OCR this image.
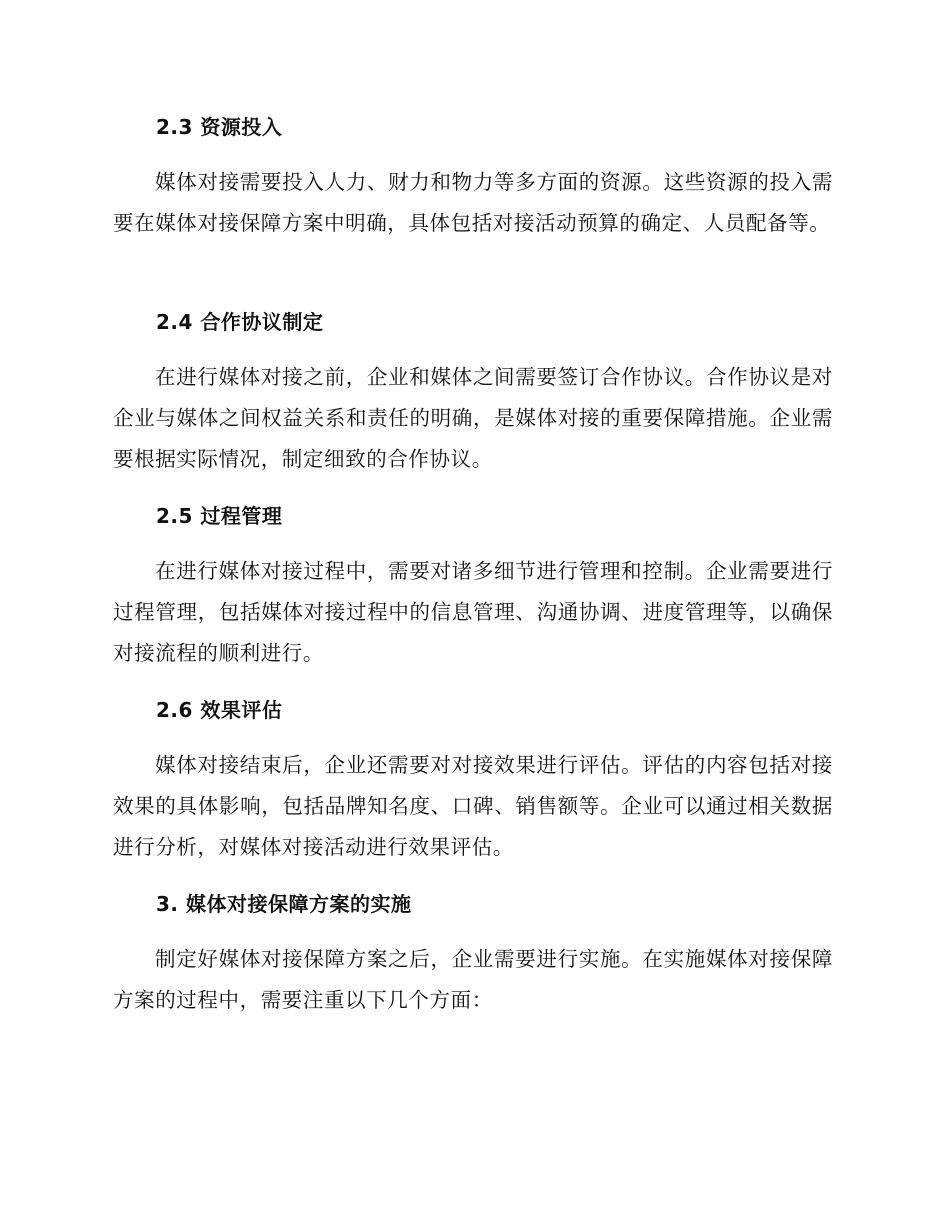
2.3 资源投入
媒体对接需要投入人力、财力和物力等多方面的资源。这些资源的投入需要在媒体对接保障方案中明确，具体包括对接活动预算的确定、人员配备等。
2.4 合作协议制定
在进行媒体对接之前，企业和媒体之间需要签订合作协议。合作协议是对企业与媒体之间权益关系和责任的明确，是媒体对接的重要保障措施。企业需要根据实际情况，制定细致的合作协议。
2.5 过程管理
在进行媒体对接过程中，需要对诸多细节进行管理和控制。企业需要进行过程管理，包括媒体对接过程中的信息管理、沟通协调、进度管理等，以确保对接流程的顺利进行。
2.6 效果评估
媒体对接结束后，企业还需要对对接效果进行评估。评估的内容包括对接效果的具体影响，包括品牌知名度、口碑、销售额等。企业可以通过相关数据进行分析，对媒体对接活动进行效果评估。
3. 媒体对接保障方案的实施
制定好媒体对接保障方案之后，企业需要进行实施。在实施媒体对接保障方案的过程中，需要注重以下几个方面：
